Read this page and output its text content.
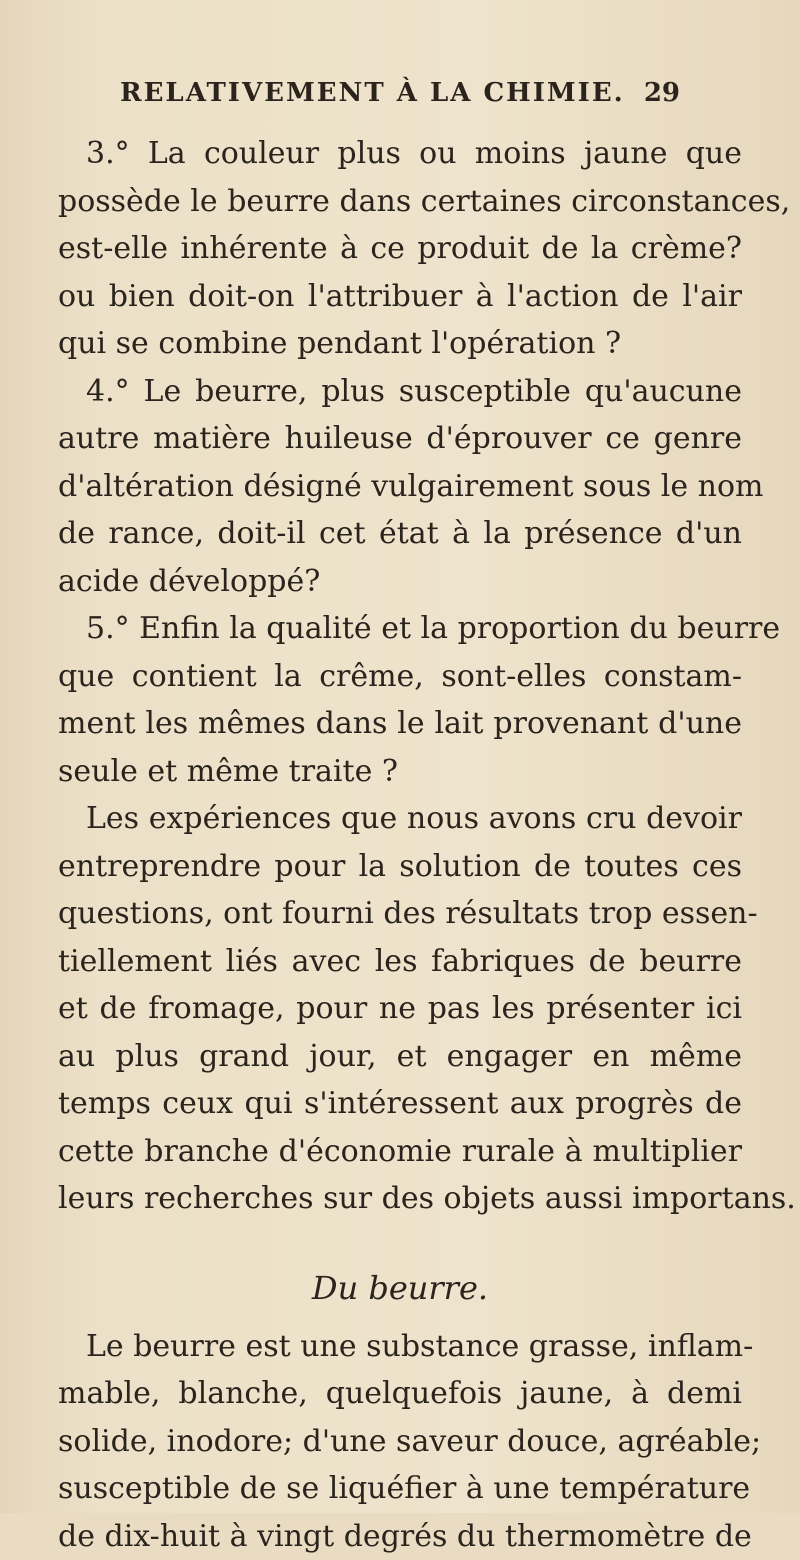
RELATIVEMENT À LA CHIMIE. 29
3.° La couleur plus ou moins jaune que
possède le beurre dans certaines circonstances,
est-elle inhérente à ce produit de la crème?
ou bien doit-on l'attribuer à l'action de l'air
qui se combine pendant l'opération ?
4.° Le beurre, plus susceptible qu'aucune
autre matière huileuse d'éprouver ce genre
d'altération désigné vulgairement sous le nom
de rance, doit-il cet état à la présence d'un
acide développé?
5.° Enfin la qualité et la proportion du beurre
que contient la crême, sont-elles constam-
ment les mêmes dans le lait provenant d'une
seule et même traite ?
Les expériences que nous avons cru devoir
entreprendre pour la solution de toutes ces
questions, ont fourni des résultats trop essen-
tiellement liés avec les fabriques de beurre
et de fromage, pour ne pas les présenter ici
au plus grand jour, et engager en même
temps ceux qui s'intéressent aux progrès de
cette branche d'économie rurale à multiplier
leurs recherches sur des objets aussi importans.
Du beurre.
Le beurre est une substance grasse, inflam-
mable, blanche, quelquefois jaune, à demi
solide, inodore; d'une saveur douce, agréable;
susceptible de se liquéfier à une température
de dix-huit à vingt degrés du thermomètre de
